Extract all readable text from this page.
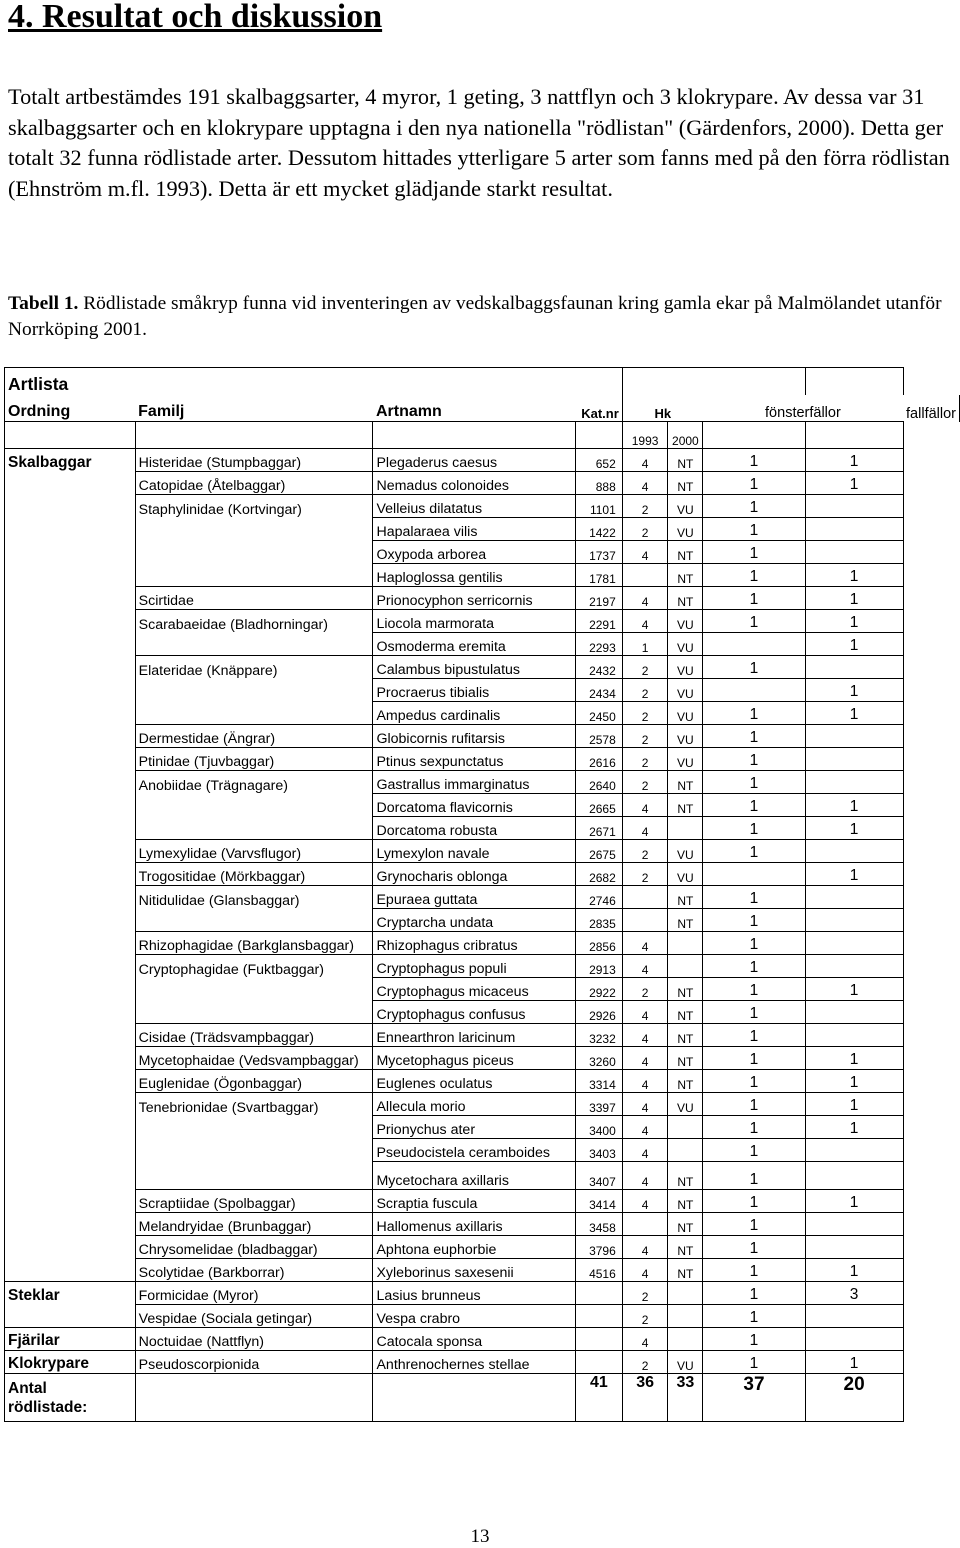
4. Resultat och diskussion

Totalt artbestämdes 191 skalbaggsarter, 4 myror, 1 geting, 3 nattflyn och 3 klokrypare. Av dessa var 31 skalbaggsarter och en klokrypare upptagna i den nya nationella "rödlistan" (Gärdenfors, 2000). Detta ger totalt 32 funna rödlistade arter. Dessutom hittades ytterligare 5 arter som fanns med på den förra rödlistan (Ehnström m.fl. 1993). Detta är ett mycket glädjande starkt resultat.

Tabell 1. Rödlistade småkryp funna vid inventeringen av vedskalbaggsfaunan kring gamla ekar på Malmölandet utanför Norrköping 2001.

Artlista								
Ordning	Familj	Artnamn	Kat.nr	Hk		fönsterfällor		fallfällor
				1993	2000			
Skalbaggar	Histeridae (Stumpbaggar)	Plegaderus caesus	652	4	NT	1	1	
	Catopidae (Åtelbaggar)	Nemadus colonoides	888	4	NT	1	1	
	Staphylinidae (Kortvingar)	Velleius dilatatus	1101	2	VU	1		
		Hapalaraea vilis	1422	2	VU	1		
		Oxypoda arborea	1737	4	NT	1		
		Haploglossa gentilis	1781		NT	1	1	
	Scirtidae	Prionocyphon serricornis	2197	4	NT	1	1	
	Scarabaeidae (Bladhorningar)	Liocola marmorata	2291	4	VU	1	1	
		Osmoderma eremita	2293	1	VU		1	
	Elateridae (Knäppare)	Calambus bipustulatus	2432	2	VU	1		
		Procraerus tibialis	2434	2	VU		1	
		Ampedus cardinalis	2450	2	VU	1	1	
	Dermestidae (Ängrar)	Globicornis rufitarsis	2578	2	VU	1		
	Ptinidae (Tjuvbaggar)	Ptinus sexpunctatus	2616	2	VU	1		
	Anobiidae (Trägnagare)	Gastrallus immarginatus	2640	2	NT	1		
		Dorcatoma flavicornis	2665	4	NT	1	1	
		Dorcatoma robusta	2671	4		1	1	
	Lymexylidae (Varvsflugor)	Lymexylon navale	2675	2	VU	1		
	Trogositidae (Mörkbaggar)	Grynocharis oblonga	2682	2	VU		1	
	Nitidulidae (Glansbaggar)	Epuraea guttata	2746		NT	1		
		Cryptarcha undata	2835		NT	1		
	Rhizophagidae (Barkglansbaggar)	Rhizophagus cribratus	2856	4		1		
	Cryptophagidae (Fuktbaggar)	Cryptophagus populi	2913	4		1		
		Cryptophagus micaceus	2922	2	NT	1	1	
		Cryptophagus confusus	2926	4	NT	1		
	Cisidae (Trädsvampbaggar)	Ennearthron laricinum	3232	4	NT	1		
	Mycetophaidae (Vedsvampbaggar)	Mycetophagus piceus	3260	4	NT	1	1	
	Euglenidae (Ögonbaggar)	Euglenes oculatus	3314	4	NT	1	1	
	Tenebrionidae (Svartbaggar)	Allecula morio	3397	4	VU	1	1	
		Prionychus ater	3400	4		1	1	
		Pseudocistela ceramboides	3403	4		1		
		Mycetochara axillaris	3407	4	NT	1		
	Scraptiidae (Spolbaggar)	Scraptia fuscula	3414	4	NT	1	1	
	Melandryidae (Brunbaggar)	Hallomenus axillaris	3458		NT	1		
	Chrysomelidae (bladbaggar)	Aphtona euphorbie	3796	4	NT	1		
	Scolytidae (Barkborrar)	Xyleborinus saxesenii	4516	4	NT	1	1	
Steklar	Formicidae (Myror)	Lasius brunneus		2		1	3	
	Vespidae (Sociala getingar)	Vespa crabro		2		1		
Fjärilar	Noctuidae (Nattflyn)	Catocala sponsa		4		1		
Klokrypare	Pseudoscorpionida	Anthrenochernes stellae		2	VU	1	1	
Antal
rödlistade:			41	36	33	37	20	
13
